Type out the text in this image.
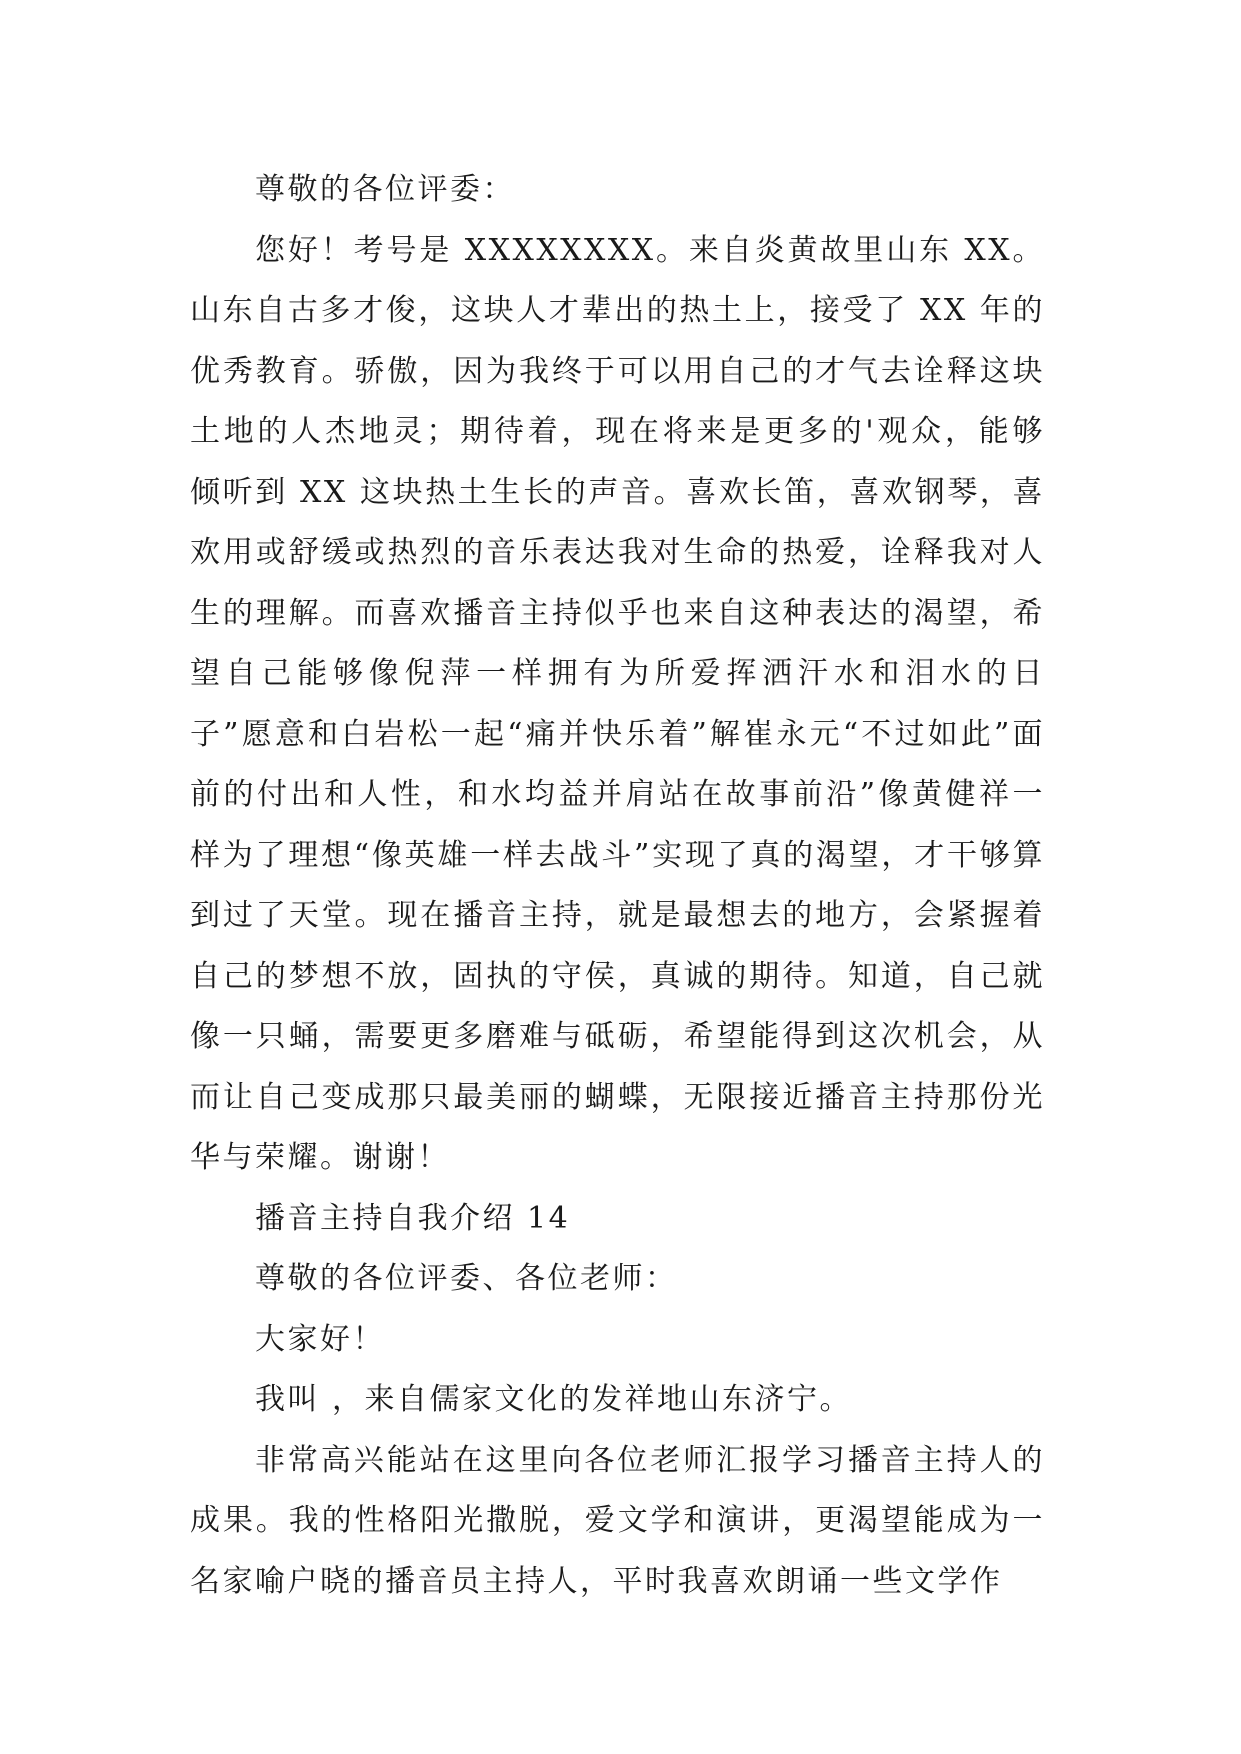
尊敬的各位评委：

您好！考号是 XXXXXXXX。来自炎黄故里山东 XX。山东自古多才俊，这块人才辈出的热土上，接受了 XX 年的优秀教育。骄傲，因为我终于可以用自己的才气去诠释这块土地的人杰地灵；期待着，现在将来是更多的'观众，能够倾听到 XX 这块热土生长的声音。喜欢长笛，喜欢钢琴，喜欢用或舒缓或热烈的音乐表达我对生命的热爱，诠释我对人生的理解。而喜欢播音主持似乎也来自这种表达的渴望，希望自己能够像倪萍一样拥有为所爱挥洒汗水和泪水的日子”愿意和白岩松一起“痛并快乐着”解崔永元“不过如此”面前的付出和人性，和水均益并肩站在故事前沿”像黄健祥一样为了理想“像英雄一样去战斗”实现了真的渴望，才干够算到过了天堂。现在播音主持，就是最想去的地方，会紧握着自己的梦想不放，固执的守侯，真诚的期待。知道，自己就像一只蛹，需要更多磨难与砥砺，希望能得到这次机会，从而让自己变成那只最美丽的蝴蝶，无限接近播音主持那份光华与荣耀。谢谢！

播音主持自我介绍 14

尊敬的各位评委、各位老师：

大家好！

我叫 ，来自儒家文化的发祥地山东济宁。

非常高兴能站在这里向各位老师汇报学习播音主持人的成果。我的性格阳光撒脱，爱文学和演讲，更渴望能成为一名家喻户晓的播音员主持人，平时我喜欢朗诵一些文学作
